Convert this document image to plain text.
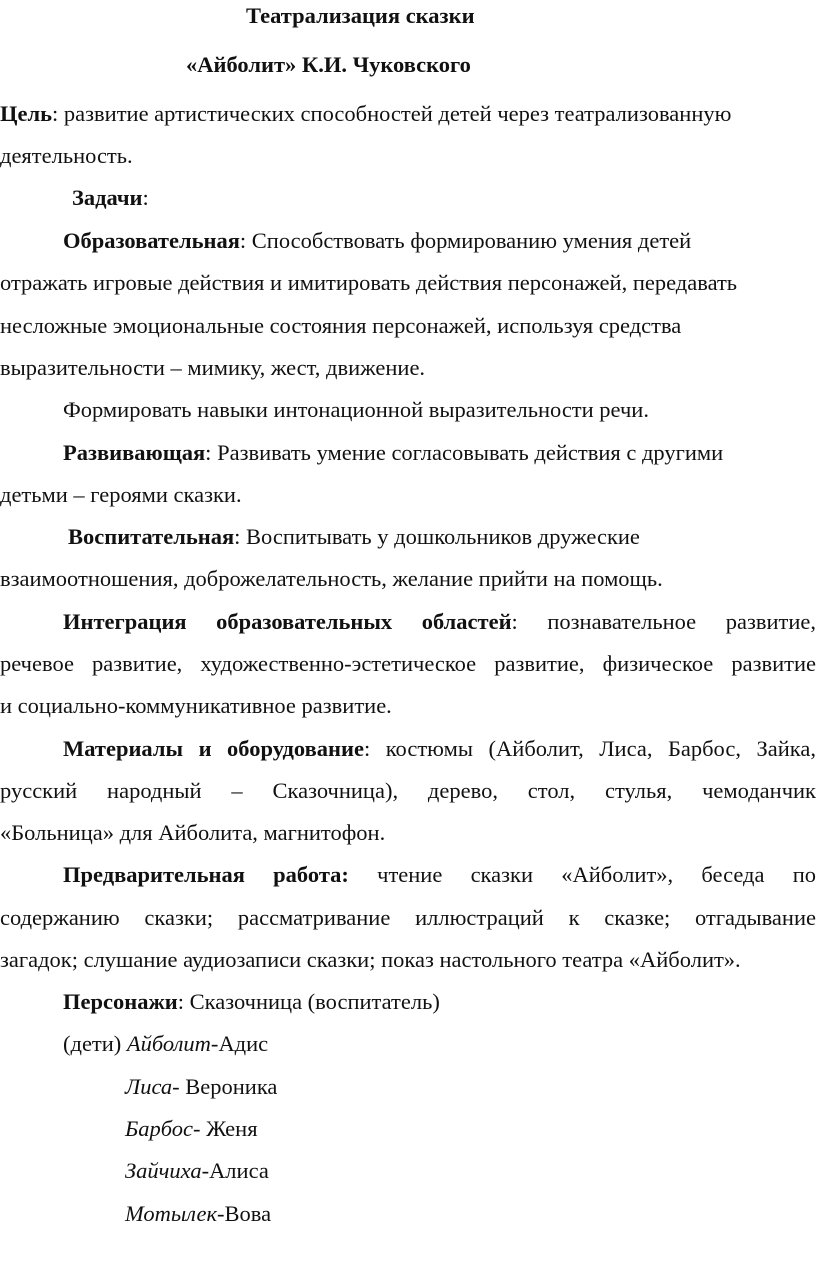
Театрализация сказки
«Айболит» К.И. Чуковского
Цель: развитие артистических способностей детей через театрализованную
деятельность.
Задачи:
Образовательная: Способствовать формированию умения детей
отражать игровые действия и имитировать действия персонажей, передавать
несложные эмоциональные состояния персонажей, используя средства
выразительности – мимику, жест, движение.
Формировать навыки интонационной выразительности речи.
Развивающая: Развивать умение согласовывать действия с другими
детьми – героями сказки.
Воспитательная: Воспитывать у дошкольников дружеские
взаимоотношения, доброжелательность, желание прийти на помощь.
Интеграция образовательных областей: познавательное развитие,
речевое развитие, художественно-эстетическое развитие, физическое развитие
и социально-коммуникативное развитие.
Материалы и оборудование: костюмы (Айболит, Лиса, Барбос, Зайка,
русский народный – Сказочница), дерево, стол, стулья, чемоданчик
«Больница» для Айболита, магнитофон.
Предварительная работа: чтение сказки «Айболит», беседа по
содержанию сказки; рассматривание иллюстраций к сказке; отгадывание
загадок; слушание аудиозаписи сказки; показ настольного театра «Айболит».
Персонажи: Сказочница (воспитатель)
(дети) Айболит-Адис
Лиса- Вероника
Барбос- Женя
Зайчиха-Алиса
Мотылек-Вова
